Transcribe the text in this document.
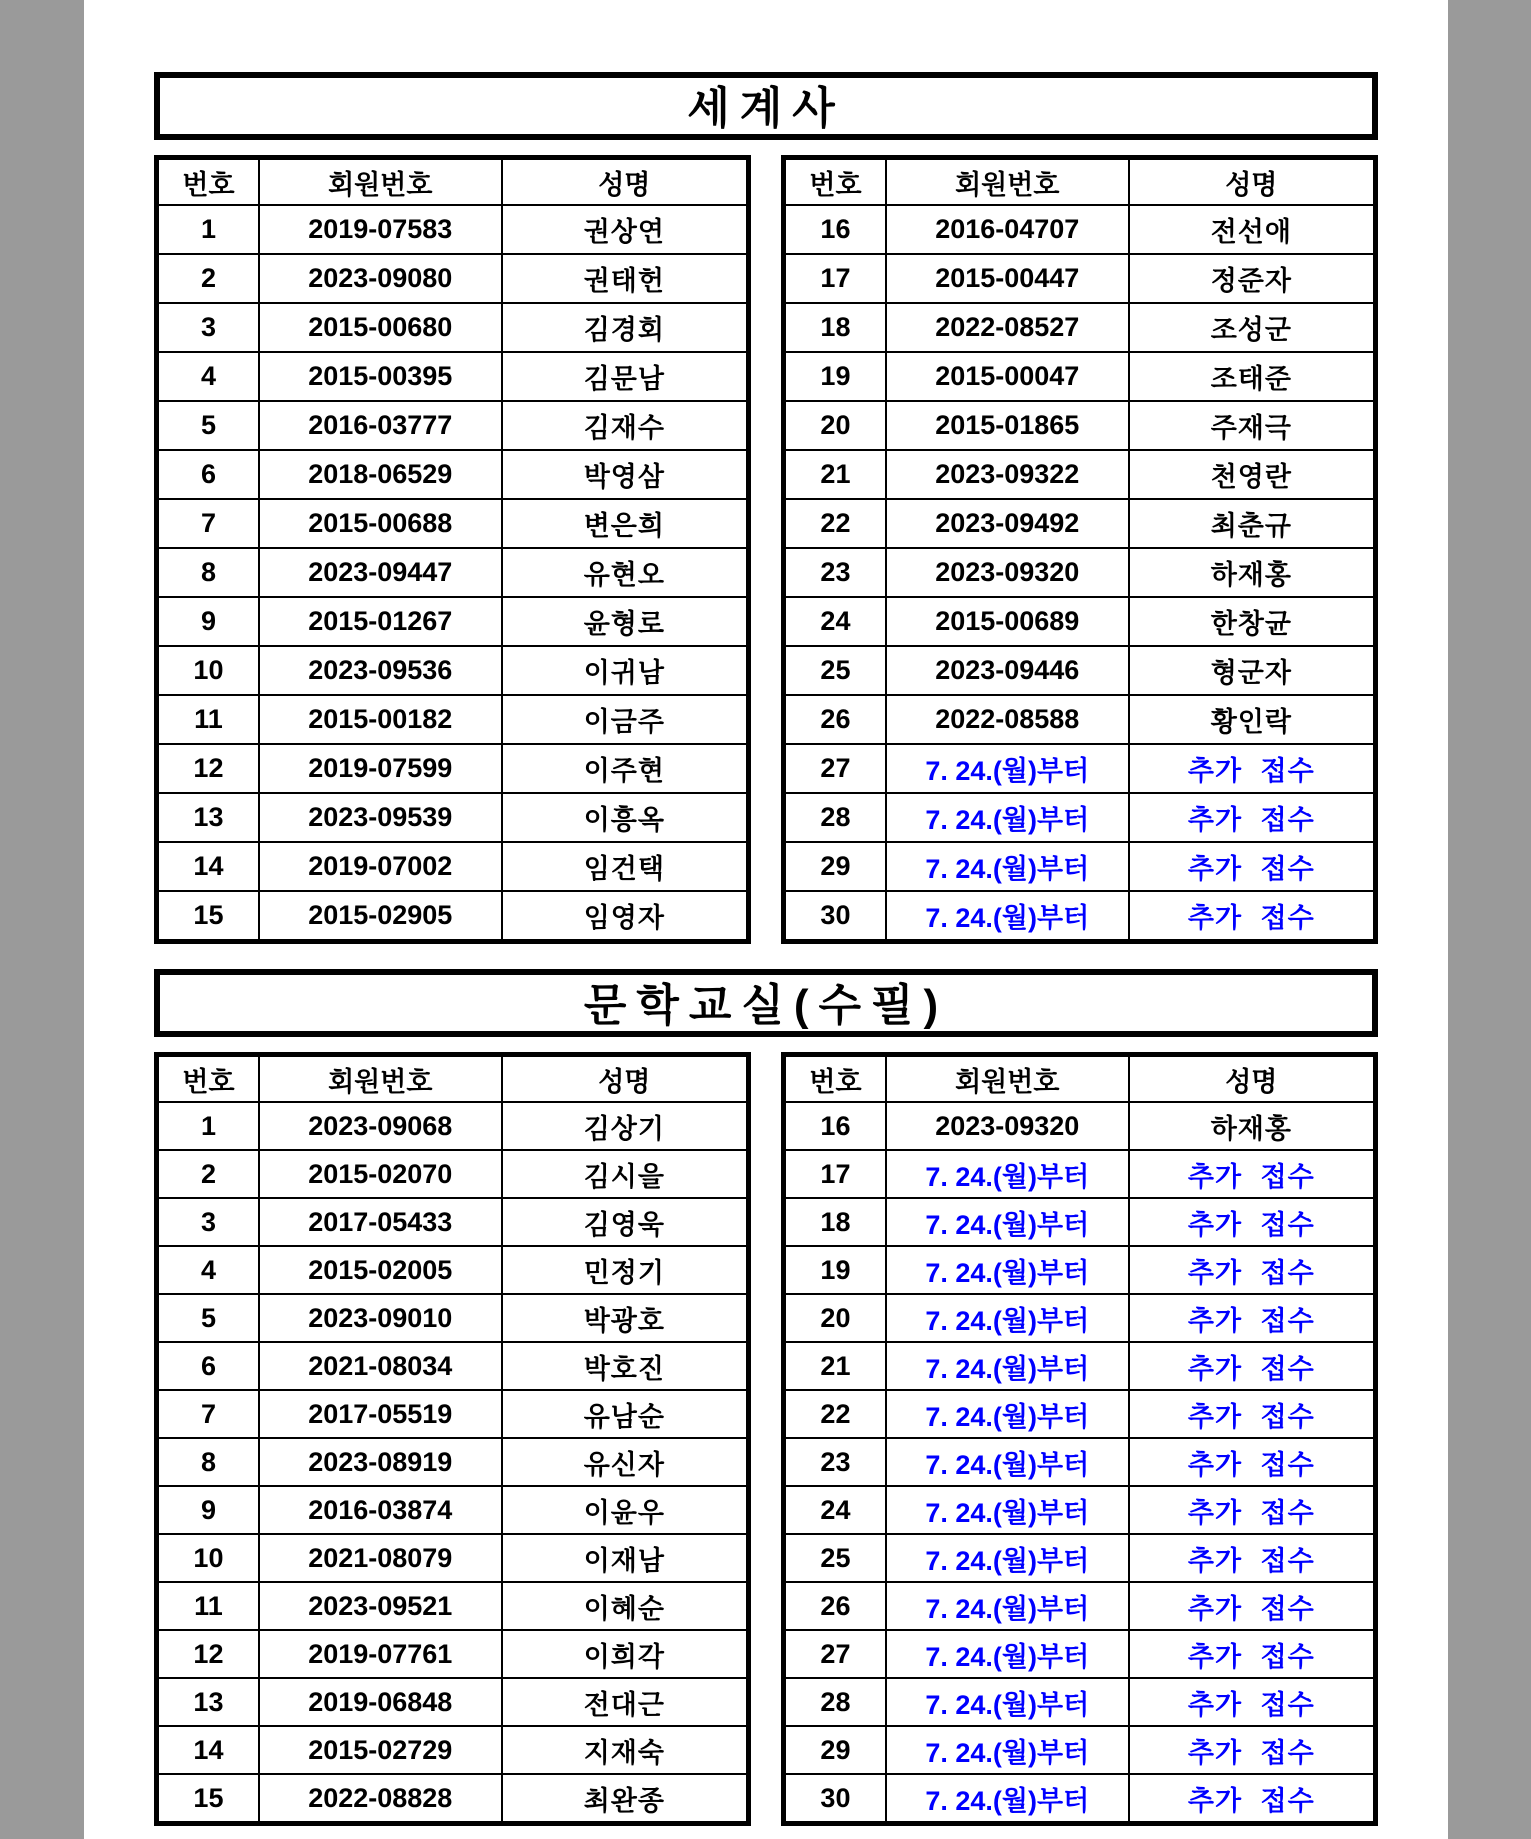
세계사
번호	회원번호	성명
1	2019-07583	권상연
2	2023-09080	권태헌
3	2015-00680	김경회
4	2015-00395	김문남
5	2016-03777	김재수
6	2018-06529	박영삼
7	2015-00688	변은희
8	2023-09447	유현오
9	2015-01267	윤형로
10	2023-09536	이귀남
11	2015-00182	이금주
12	2019-07599	이주현
13	2023-09539	이흥옥
14	2019-07002	임건택
15	2015-02905	임영자
번호	회원번호	성명
16	2016-04707	전선애
17	2015-00447	정준자
18	2022-08527	조성군
19	2015-00047	조태준
20	2015-01865	주재극
21	2023-09322	천영란
22	2023-09492	최춘규
23	2023-09320	하재홍
24	2015-00689	한창균
25	2023-09446	형군자
26	2022-08588	황인락
27	7. 24.(월)부터	추가 접수
28	7. 24.(월)부터	추가 접수
29	7. 24.(월)부터	추가 접수
30	7. 24.(월)부터	추가 접수
문학교실(수필)
번호	회원번호	성명
1	2023-09068	김상기
2	2015-02070	김시을
3	2017-05433	김영욱
4	2015-02005	민정기
5	2023-09010	박광호
6	2021-08034	박호진
7	2017-05519	유남순
8	2023-08919	유신자
9	2016-03874	이윤우
10	2021-08079	이재남
11	2023-09521	이혜순
12	2019-07761	이희각
13	2019-06848	전대근
14	2015-02729	지재숙
15	2022-08828	최완종
번호	회원번호	성명
16	2023-09320	하재홍
17	7. 24.(월)부터	추가 접수
18	7. 24.(월)부터	추가 접수
19	7. 24.(월)부터	추가 접수
20	7. 24.(월)부터	추가 접수
21	7. 24.(월)부터	추가 접수
22	7. 24.(월)부터	추가 접수
23	7. 24.(월)부터	추가 접수
24	7. 24.(월)부터	추가 접수
25	7. 24.(월)부터	추가 접수
26	7. 24.(월)부터	추가 접수
27	7. 24.(월)부터	추가 접수
28	7. 24.(월)부터	추가 접수
29	7. 24.(월)부터	추가 접수
30	7. 24.(월)부터	추가 접수
